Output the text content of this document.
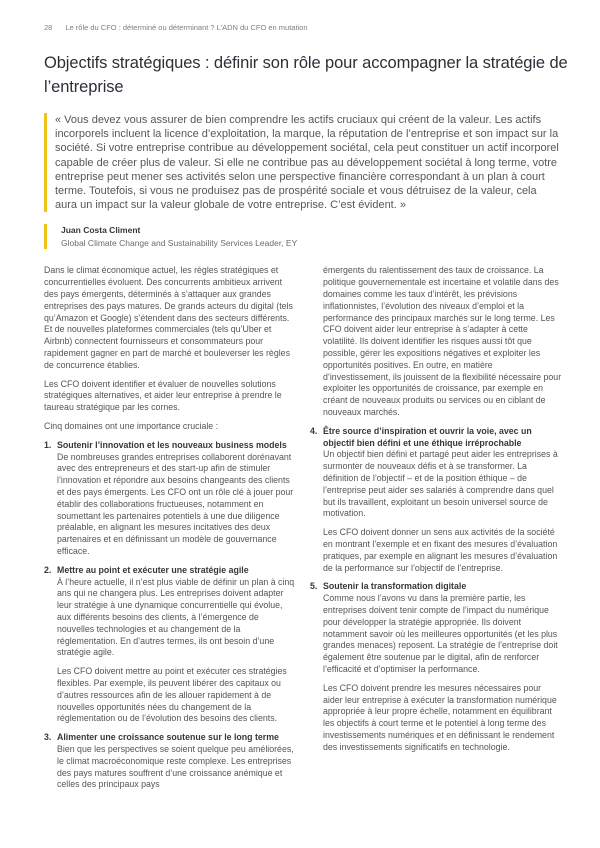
28 Le rôle du CFO : déterminé ou déterminant ? L’ADN du CFO en mutation
Objectifs stratégiques : définir son rôle pour accompagner la stratégie de l’entreprise
« Vous devez vous assurer de bien comprendre les actifs cruciaux qui créent de la valeur. Les actifs incorporels incluent la licence d’exploitation, la marque, la réputation de l’entreprise et son impact sur la société. Si votre entreprise contribue au développement sociétal, cela peut constituer un actif incorporel capable de créer plus de valeur. Si elle ne contribue pas au développement sociétal à long terme, votre entreprise peut mener ses activités selon une perspective financière correspondant à un plan à court terme. Toutefois, si vous ne produisez pas de prospérité sociale et vous détruisez de la valeur, cela aura un impact sur la valeur globale de votre entreprise. C’est évident. »
Juan Costa Climent
Global Climate Change and Sustainability Services Leader, EY

Dans le climat économique actuel, les règles stratégiques et concurrentielles évoluent. Des concurrents ambitieux arrivent des pays émergents, déterminés à s’attaquer aux grandes entreprises des pays matures. De grands acteurs du digital (tels qu’Amazon et Google) s’étendent dans des secteurs différents. Et de nouvelles plateformes commerciales (tels qu’Uber et Airbnb) connectent fournisseurs et consommateurs pour rapidement gagner en part de marché et bouleverser les règles de concurrence établies.

Les CFO doivent identifier et évaluer de nouvelles solutions stratégiques alternatives, et aider leur entreprise à prendre le taureau stratégique par les cornes.

Cinq domaines ont une importance cruciale :

1. Soutenir l’innovation et les nouveaux business models
De nombreuses grandes entreprises collaborent dorénavant avec des entrepreneurs et des start-up afin de stimuler l’innovation et répondre aux besoins changeants des clients et des pays émergents. Les CFO ont un rôle clé à jouer pour établir des collaborations fructueuses, notamment en soumettant les partenaires potentiels à une due diligence préalable, en alignant les mesures incitatives des deux partenaires et en définissant un modèle de gouvernance efficace.
2. Mettre au point et exécuter une stratégie agile
À l’heure actuelle, il n’est plus viable de définir un plan à cinq ans qui ne changera plus. Les entreprises doivent adapter leur stratégie à une dynamique concurrentielle qui évolue, aux différents besoins des clients, à l’émergence de nouvelles technologies et au changement de la réglementation. En d’autres termes, ils ont besoin d’une stratégie agile.

Les CFO doivent mettre au point et exécuter ces stratégies flexibles. Par exemple, ils peuvent libérer des capitaux ou d’autres ressources afin de les allouer rapidement à de nouvelles opportunités nées du changement de la réglementation ou de l’évolution des besoins des clients.

3. Alimenter une croissance soutenue sur le long terme
Bien que les perspectives se soient quelque peu améliorées, le climat macroéconomique reste complexe. Les entreprises des pays matures souffrent d’une croissance anémique et celles des principaux pays

émergents du ralentissement des taux de croissance. La politique gouvernementale est incertaine et volatile dans des domaines comme les taux d’intérêt, les prévisions inflationnistes, l’évolution des niveaux d’emploi et la performance des principaux marchés sur le long terme. Les CFO doivent aider leur entreprise à s’adapter à cette volatilité. Ils doivent identifier les risques aussi tôt que possible, gérer les expositions négatives et exploiter les opportunités positives. En outre, en matière d’investissement, ils jouissent de la flexibilité nécessaire pour exploiter les opportunités de croissance, par exemple en créant de nouveaux produits ou services ou en ciblant de nouveaux marchés.

4. Être source d’inspiration et ouvrir la voie, avec un objectif bien défini et une éthique irréprochable
Un objectif bien défini et partagé peut aider les entreprises à surmonter de nouveaux défis et à se transformer. La définition de l’objectif – et de la position éthique – de l’entreprise peut aider ses salariés à comprendre dans quel but ils travaillent, exploitant un besoin universel source de motivation.

Les CFO doivent donner un sens aux activités de la société en montrant l’exemple et en fixant des mesures d’évaluation pratiques, par exemple en alignant les mesures d’évaluation de la performance sur l’objectif de l’entreprise.

5. Soutenir la transformation digitale
Comme nous l’avons vu dans la première partie, les entreprises doivent tenir compte de l’impact du numérique pour développer la stratégie appropriée. Ils doivent notamment savoir où les meilleures opportunités (et les plus grandes menaces) reposent. La stratégie de l’entreprise doit également être soutenue par le digital, afin de renforcer l’efficacité et d’optimiser la performance.

Les CFO doivent prendre les mesures nécessaires pour aider leur entreprise à exécuter la transformation numérique appropriée à leur propre échelle, notamment en équilibrant les objectifs à court terme et le potentiel à long terme des investissements numériques et en définissant le rendement des investissements significatifs en technologie.
